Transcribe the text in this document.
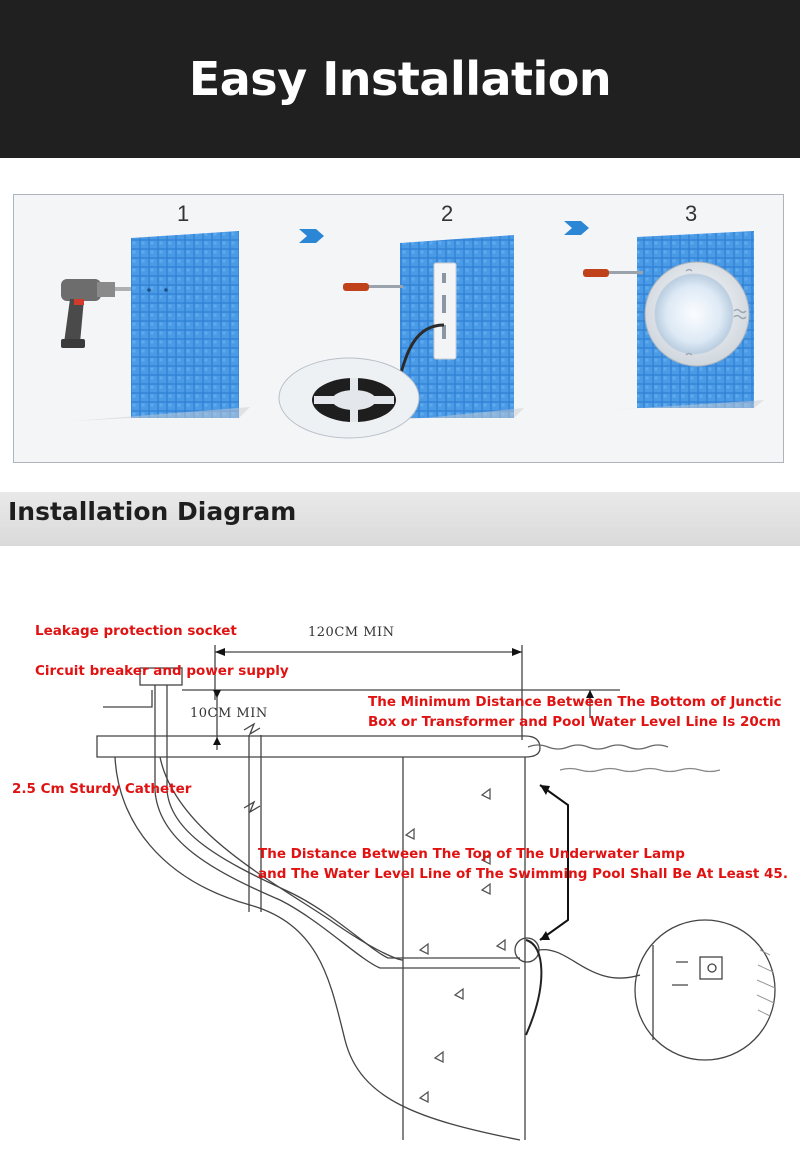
Easy Installation
1	2	3
Installation Diagram
120CM MIN
10CM MIN
Leakage protection socket
Circuit breaker and power supply
The Minimum Distance Between The Bottom of Junctic
Box or Transformer and Pool Water Level Line Is 20cm
2.5 Cm Sturdy Catheter
The Distance Between The Top of The Underwater Lamp
and The Water Level Line of The Swimming Pool Shall Be At Least 45.
